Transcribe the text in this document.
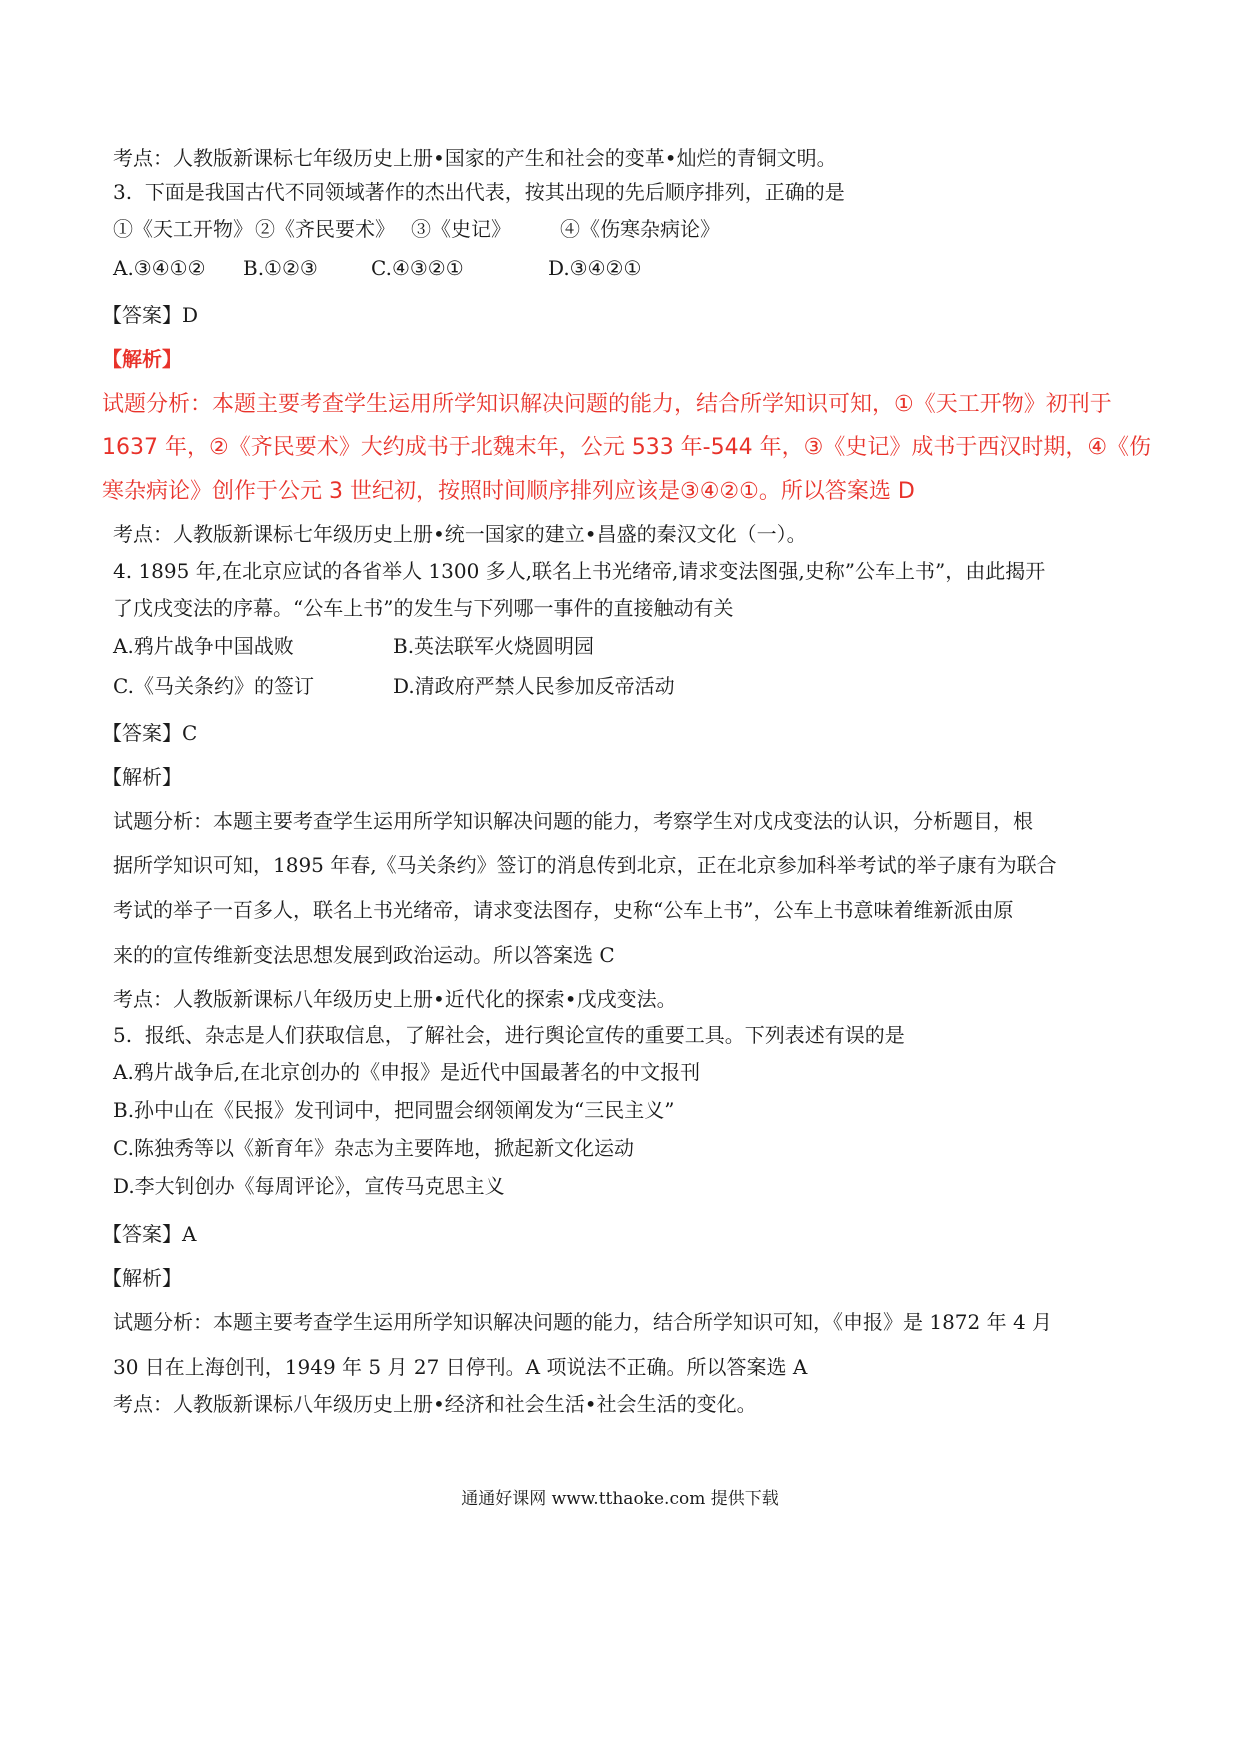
考点：人教版新课标七年级历史上册•国家的产生和社会的变革•灿烂的青铜文明。
3. 下面是我国古代不同领域著作的杰出代表，按其出现的先后顺序排列，正确的是
①《天工开物》 ②《齐民要术》 ③《史记》 ④《伤寒杂病论》
A.③④①② B.①②③	C.④③②①	D.③④②①
【答案】D
【解析】
试题分析：本题主要考查学生运用所学知识解决问题的能力，结合所学知识可知，①《天工开物》初刊于
1637 年，②《齐民要术》大约成书于北魏末年，公元 533 年-544 年，③《史记》成书于西汉时期，④《伤
寒杂病论》创作于公元 3 世纪初，按照时间顺序排列应该是③④②①。所以答案选 D
考点：人教版新课标七年级历史上册•统一国家的建立•昌盛的秦汉文化（一）。
4. 1895 年,在北京应试的各省举人 1300 多人,联名上书光绪帝,请求变法图强,史称”公车上书”，由此揭开
了戊戌变法的序幕。“公车上书”的发生与下列哪一事件的直接触动有关
A.鸦片战争中国战败	B.英法联军火烧圆明园
C.《马关条约》的签订	D.清政府严禁人民参加反帝活动
【答案】C
【解析】
试题分析：本题主要考查学生运用所学知识解决问题的能力，考察学生对戊戌变法的认识，分析题目，根
据所学知识可知，1895 年春,《马关条约》签订的消息传到北京，正在北京参加科举考试的举子康有为联合
考试的举子一百多人，联名上书光绪帝，请求变法图存，史称“公车上书”，公车上书意味着维新派由原
来的的宣传维新变法思想发展到政治运动。所以答案选 C
考点：人教版新课标八年级历史上册•近代化的探索•戊戌变法。
5. 报纸、杂志是人们获取信息，了解社会，进行舆论宣传的重要工具。下列表述有误的是
A.鸦片战争后,在北京创办的《申报》是近代中国最著名的中文报刊
B.孙中山在《民报》发刊词中，把同盟会纲领阐发为“三民主义”
C.陈独秀等以《新育年》杂志为主要阵地，掀起新文化运动
D.李大钊创办《每周评论》，宣传马克思主义
【答案】A
【解析】
试题分析：本题主要考查学生运用所学知识解决问题的能力，结合所学知识可知，《申报》是 1872 年 4 月
30 日在上海创刊，1949 年 5 月 27 日停刊。A 项说法不正确。所以答案选 A
考点：人教版新课标八年级历史上册•经济和社会生活•社会生活的变化。
通通好课网 www.tthaoke.com 提供下载
